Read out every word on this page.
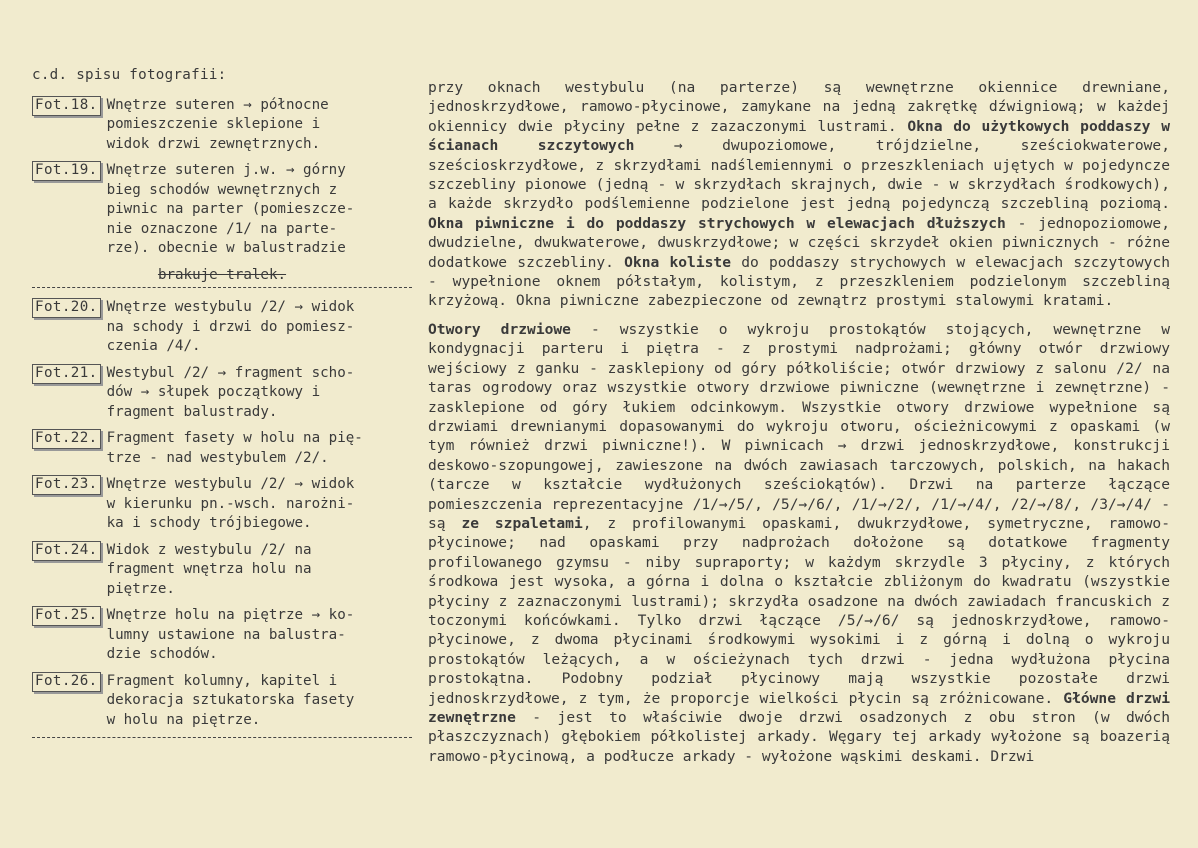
c.d. spisu fotografii:
Fot.18. Wnętrze suteren → północne
pomieszczenie sklepione i
widok drzwi zewnętrznych.
Fot.19. Wnętrze suteren j.w. → górny
bieg schodów wewnętrznych z
piwnic na parter (pomieszcze-
nie oznaczone /1/ na parte-
rze). obecnie w balustradzie
brakuje tralek.
Fot.20. Wnętrze westybulu /2/ → widok
na schody i drzwi do pomiesz-
czenia /4/.
Fot.21. Westybul /2/ → fragment scho-
dów → słupek początkowy i
fragment balustrady.
Fot.22. Fragment fasety w holu na pię-
trze - nad westybulem /2/.
Fot.23. Wnętrze westybulu /2/ → widok
w kierunku pn.-wsch. narożni-
ka i schody trójbiegowe.
Fot.24. Widok z westybulu /2/ na
fragment wnętrza holu na
piętrze.
Fot.25. Wnętrze holu na piętrze → ko-
lumny ustawione na balustra-
dzie schodów.
Fot.26. Fragment kolumny, kapitel i
dekoracja sztukatorska fasety
w holu na piętrze.

przy oknach westybulu (na parterze) są wewnętrzne okiennice drewniane, jednoskrzydłowe, ramowo-płycinowe, zamykane na jedną zakrętkę dźwigniową; w każdej okiennicy dwie płyciny pełne z zazaczonymi lustrami. Okna do użytkowych poddaszy w ścianach szczytowych → dwupoziomowe, trójdzielne, sześciokwaterowe, sześcioskrzydłowe, z skrzydłami nadślemiennymi o przeszkleniach ujętych w pojedyncze szczebliny pionowe (jedną - w skrzydłach skrajnych, dwie - w skrzydłach środkowych), a każde skrzydło podślemienne podzielone jest jedną pojedynczą szczebliną poziomą. Okna piwniczne i do poddaszy strychowych w elewacjach dłuższych - jednopoziomowe, dwudzielne, dwukwaterowe, dwuskrzydłowe; w części skrzydeł okien piwnicznych - różne dodatkowe szczebliny. Okna koliste do poddaszy strychowych w elewacjach szczytowych - wypełnione oknem półstałym, kolistym, z przeszkleniem podzielonym szczebliną krzyżową. Okna piwniczne zabezpieczone od zewnątrz prostymi stalowymi kratami.

Otwory drzwiowe - wszystkie o wykroju prostokątów stojących, wewnętrzne w kondygnacji parteru i piętra - z prostymi nadprożami; główny otwór drzwiowy wejściowy z ganku - zasklepiony od góry półkoliście; otwór drzwiowy z salonu /2/ na taras ogrodowy oraz wszystkie otwory drzwiowe piwniczne (wewnętrzne i zewnętrzne) - zasklepione od góry łukiem odcinkowym. Wszystkie otwory drzwiowe wypełnione są drzwiami drewnianymi dopasowanymi do wykroju otworu, ościeżnicowymi z opaskami (w tym również drzwi piwniczne!). W piwnicach → drzwi jednoskrzydłowe, konstrukcji deskowo-szopungowej, zawieszone na dwóch zawiasach tarczowych, polskich, na hakach (tarcze w kształcie wydłużonych sześciokątów). Drzwi na parterze łączące pomieszczenia reprezentacyjne /1/→/5/, /5/→/6/, /1/→/2/, /1/→/4/, /2/→/8/, /3/→/4/ - są ze szpaletami, z profilowanymi opaskami, dwukrzydłowe, symetryczne, ramowo-płycinowe; nad opaskami przy nadprożach dołożone są dotatkowe fragmenty profilowanego gzymsu - niby supraporty; w każdym skrzydle 3 płyciny, z których środkowa jest wysoka, a górna i dolna o kształcie zbliżonym do kwadratu (wszystkie płyciny z zaznaczonymi lustrami); skrzydła osadzone na dwóch zawiadach francuskich z toczonymi końcówkami. Tylko drzwi łączące /5/→/6/ są jednoskrzydłowe, ramowo-płycinowe, z dwoma płycinami środkowymi wysokimi i z górną i dolną o wykroju prostokątów leżących, a w ościeżynach tych drzwi - jedna wydłużona płycina prostokątna. Podobny podział płycinowy mają wszystkie pozostałe drzwi jednoskrzydłowe, z tym, że proporcje wielkości płycin są zróżnicowane. Główne drzwi zewnętrzne - jest to właściwie dwoje drzwi osadzonych z obu stron (w dwóch płaszczyznach) głębokiem półkolistej arkady. Węgary tej arkady wyłożone są boazerią ramowo-płycinową, a podłucze arkady - wyłożone wąskimi deskami. Drzwi
